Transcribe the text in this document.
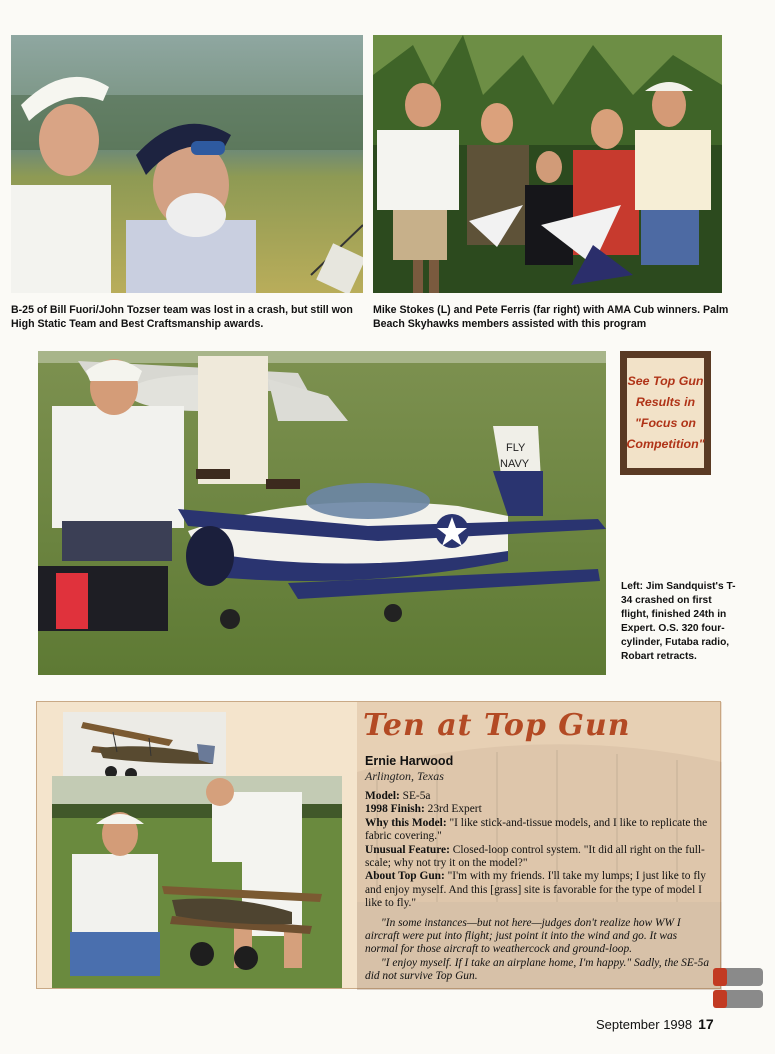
B-25 of Bill Fuori/John Tozser team was lost in a crash, but still won High Static Team and Best Craftsmanship awards.

Mike Stokes (L) and Pete Ferris (far right) with AMA Cub winners. Palm Beach Skyhawks members assisted with this program

FLY
NAVY
See Top Gun Results in "Focus on Competition"

Left: Jim Sandquist's T-34 crashed on first flight, finished 24th in Expert. O.S. 320 four-cylinder, Futaba radio, Robart retracts.

Ten at Top Gun
Ernie Harwood
Arlington, Texas

Model: SE-5a

1998 Finish: 23rd Expert

Why this Model: "I like stick-and-tissue models, and I like to replicate the fabric covering."

Unusual Feature: Closed-loop control system. "It did all right on the full-scale; why not try it on the model?"

About Top Gun: "I'm with my friends. I'll take my lumps; I just like to fly and enjoy myself. And this [grass] site is favorable for the type of model I like to fly."

"In some instances—but not here—judges don't realize how WW I aircraft were put into flight; just point it into the wind and go. It was normal for those aircraft to weathercock and ground-loop.

"I enjoy myself. If I take an airplane home, I'm happy." Sadly, the SE-5a did not survive Top Gun.

September 1998 17
